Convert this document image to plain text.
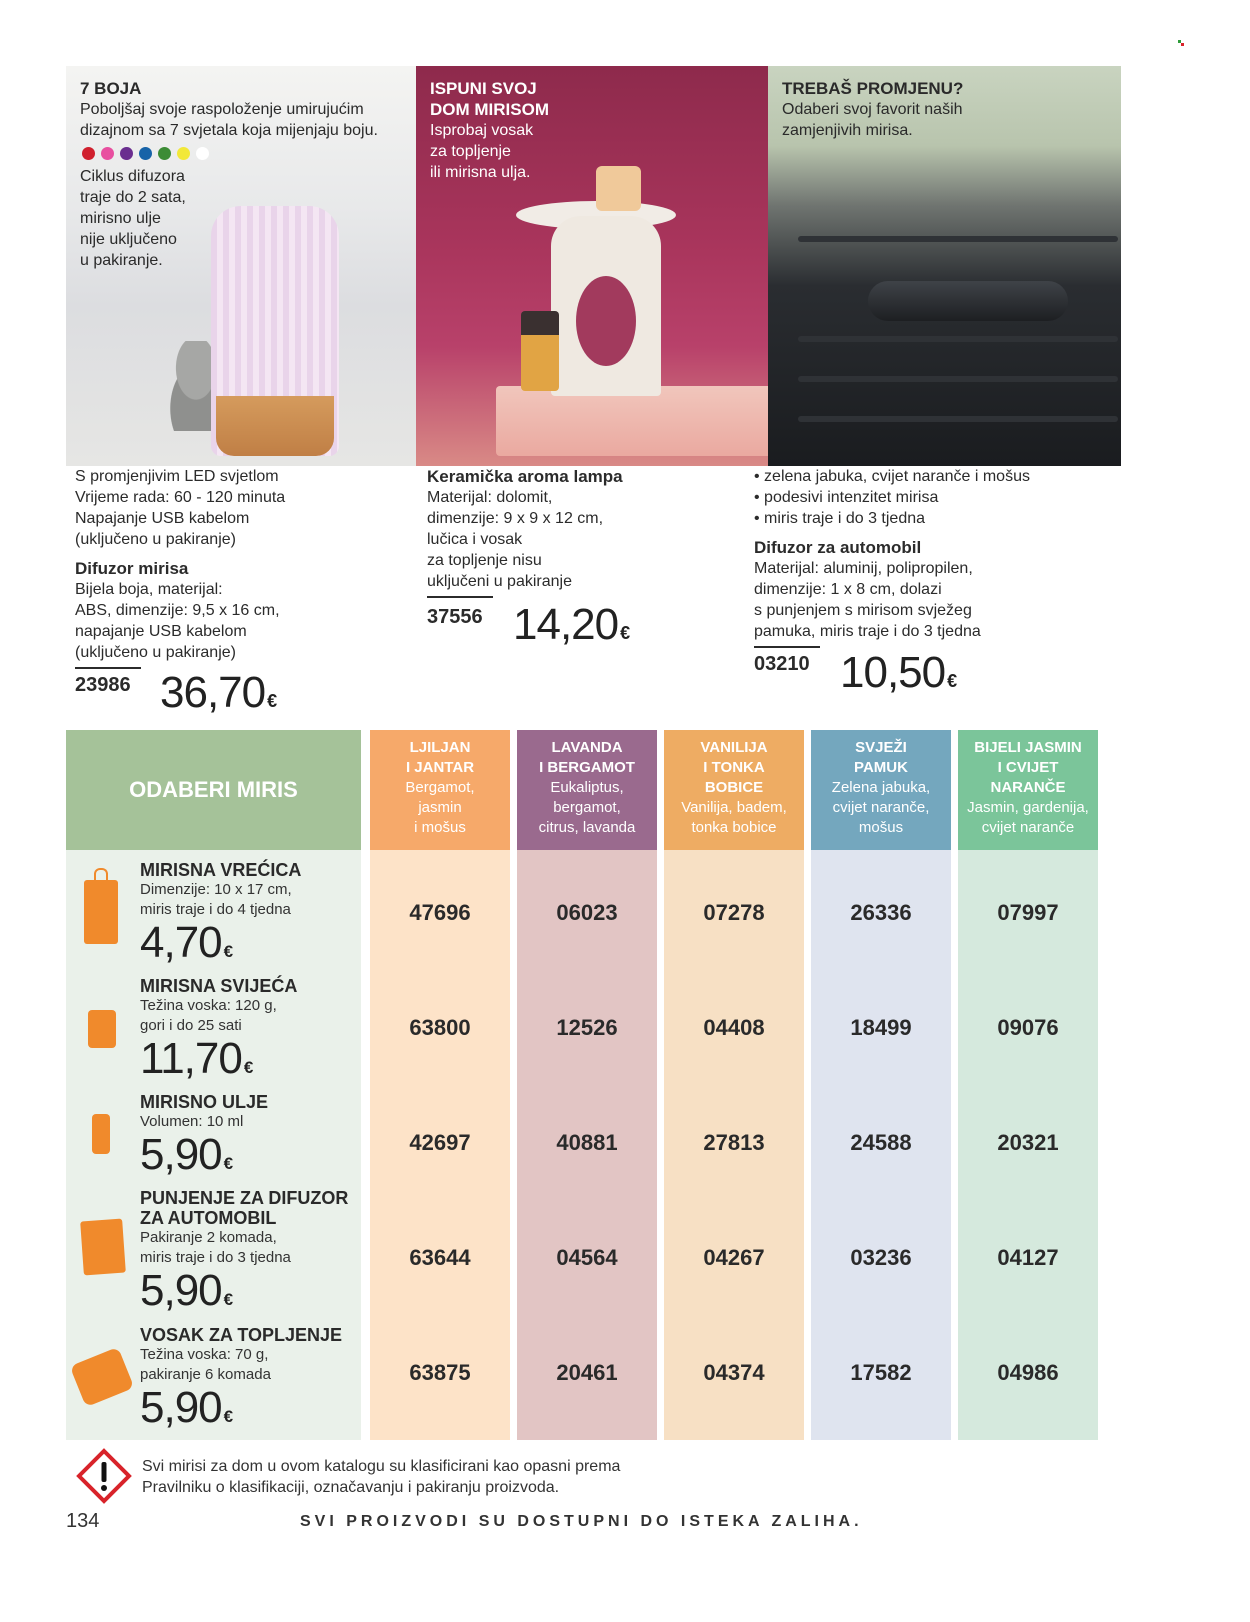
7 BOJA
Poboljšaj svoje raspoloženje umirujućim
dizajnom sa 7 svjetala koja mijenjaju boju.
Ciklus difuzora
traje do 2 sata,
mirisno ulje
nije uključeno
u pakiranje.
ISPUNI SVOJ
DOM MIRISOM
Isprobaj vosak
za topljenje
ili mirisna ulja.
TREBAŠ PROMJENU?
Odaberi svoj favorit naših
zamjenjivih mirisa.
S promjenjivim LED svjetlom
Vrijeme rada: 60 - 120 minuta
Napajanje USB kabelom
(uključeno u pakiranje)
Difuzor mirisa
Bijela boja, materijal:
ABS, dimenzije: 9,5 x 16 cm,
napajanje USB kabelom
(uključeno u pakiranje)
23986 36,70 €
Keramička aroma lampa
Materijal: dolomit,
dimenzije: 9 x 9 x 12 cm,
lučica i vosak
za topljenje nisu
uključeni u pakiranje
37556 14,20 €
• zelena jabuka, cvijet naranče i mošus
• podesivi intenzitet mirisa
• miris traje i do 3 tjedna
Difuzor za automobil
Materijal: aluminij, polipropilen,
dimenzije: 1 x 8 cm, dolazi
s punjenjem s mirisom svježeg
pamuka, miris traje i do 3 tjedna
03210 10,50 €
ODABERI MIRIS
MIRISNA VREĆICA
Dimenzije: 10 x 17 cm,
miris traje i do 4 tjedna
4,70 €
MIRISNA SVIJEĆA
Težina voska: 120 g,
gori i do 25 sati
11,70 €
MIRISNO ULJE
Volumen: 10 ml
5,90 €
PUNJENJE ZA DIFUZOR
ZA AUTOMOBIL
Pakiranje 2 komada,
miris traje i do 3 tjedna
5,90 €
VOSAK ZA TOPLJENJE
Težina voska: 70 g,
pakiranje 6 komada
5,90 €
LJILJAN
I JANTAR
Bergamot,
jasmin
i mošus
47696
63800
42697
63644
63875
LAVANDA
I BERGAMOT
Eukaliptus,
bergamot,
citrus, lavanda
06023
12526
40881
04564
20461
VANILIJA
I TONKA
BOBICE
Vanilija, badem,
tonka bobice
07278
04408
27813
04267
04374
SVJEŽI
PAMUK
Zelena jabuka,
cvijet naranče,
mošus
26336
18499
24588
03236
17582
BIJELI JASMIN
I CVIJET
NARANČE
Jasmin, gardenija,
cvijet naranče
07997
09076
20321
04127
04986
Svi mirisi za dom u ovom katalogu su klasificirani kao opasni prema
Pravilniku o klasifikaciji, označavanju i pakiranju proizvoda.
134	SVI PROIZVODI SU DOSTUPNI DO ISTEKA ZALIHA.
